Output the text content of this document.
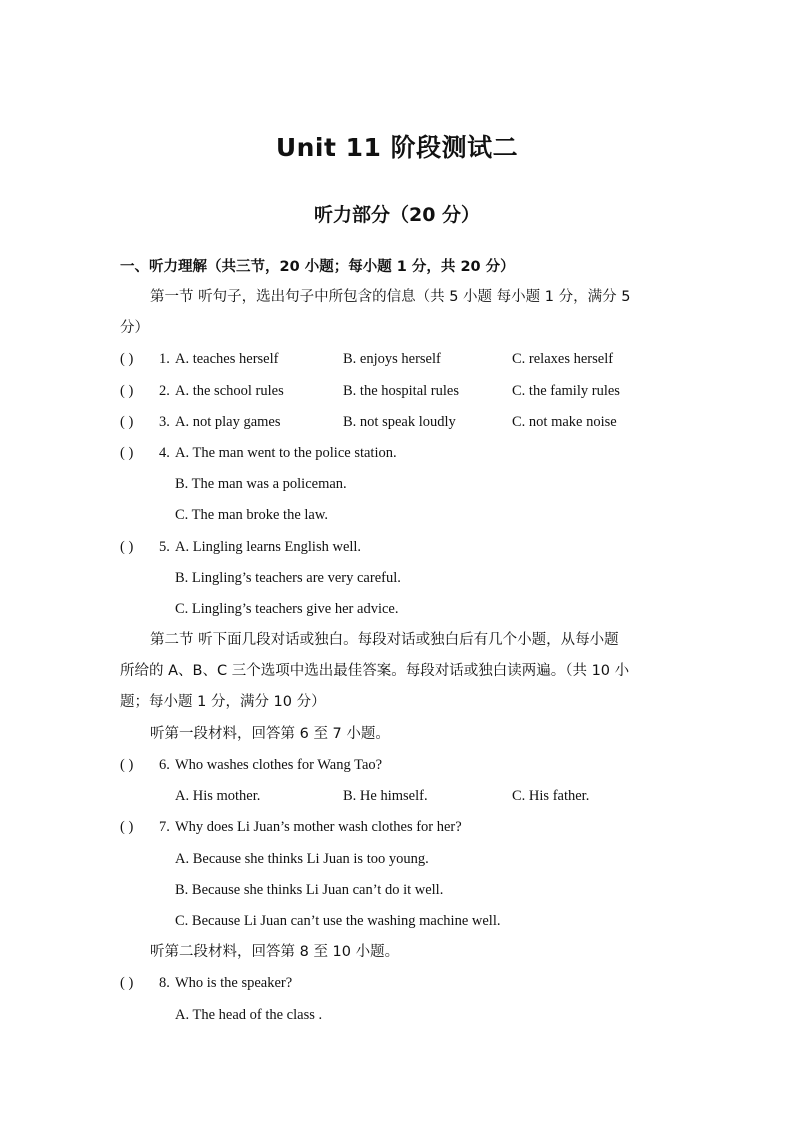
Unit 11 阶段测试二
听力部分（20 分）
一、听力理解（共三节，20 小题；每小题 1 分，共 20 分）
第一节 听句子，选出句子中所包含的信息（共 5 小题 每小题 1 分，满分 5
分）
( ) 1. A. teaches herself	B. enjoys herself	C. relaxes herself
( ) 2. A. the school rules	B. the hospital rules	C. the family rules
( ) 3. A. not play games	B. not speak loudly	C. not make noise
( ) 4. A. The man went to the police station.
B. The man was a policeman.
C. The man broke the law.
( ) 5. A. Lingling learns English well.
B. Lingling’s teachers are very careful.
C. Lingling’s teachers give her advice.
第二节 听下面几段对话或独白。每段对话或独白后有几个小题，从每小题
所给的 A、B、C 三个选项中选出最佳答案。每段对话或独白读两遍。（共 10 小
题；每小题 1 分，满分 10 分）
听第一段材料，回答第 6 至 7 小题。
( ) 6. Who washes clothes for Wang Tao?
A. His mother.	B. He himself.	C. His father.
( ) 7. Why does Li Juan’s mother wash clothes for her?
A. Because she thinks Li Juan is too young.
B. Because she thinks Li Juan can’t do it well.
C. Because Li Juan can’t use the washing machine well.
听第二段材料，回答第 8 至 10 小题。
( ) 8. Who is the speaker?
A. The head of the class .
